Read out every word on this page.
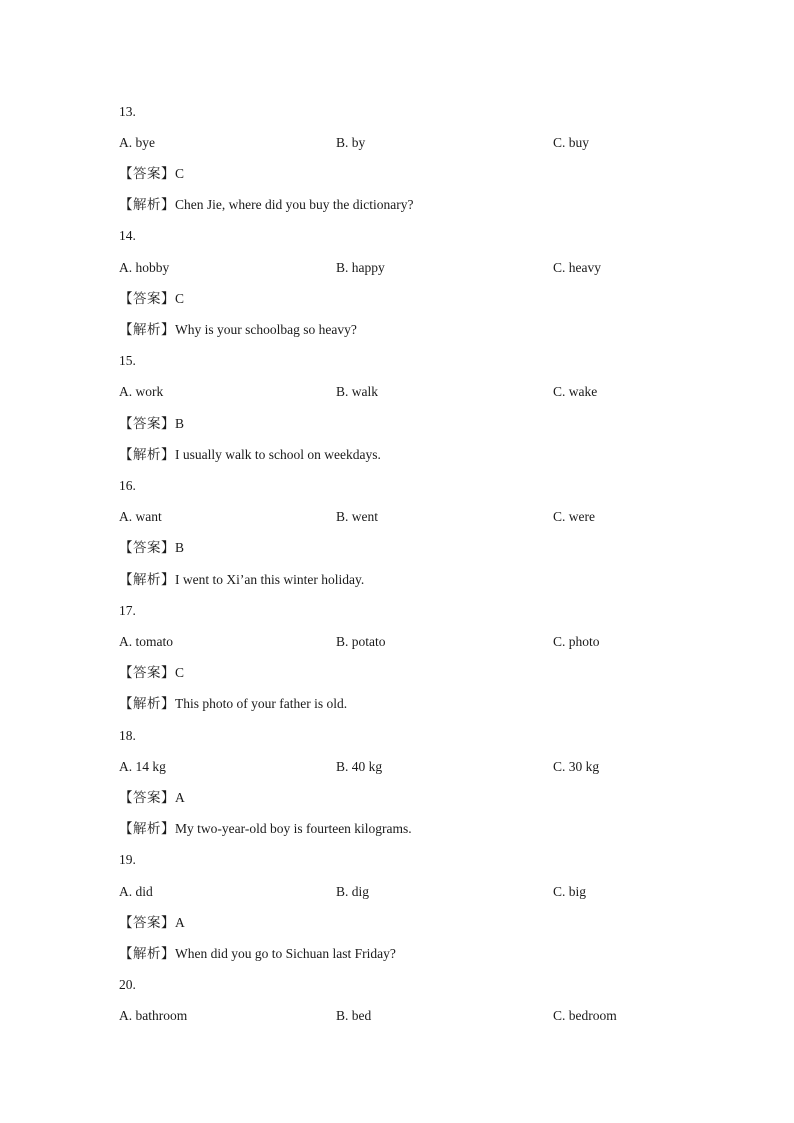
13.
A. bye	B. by	C. buy
【答案】C
【解析】Chen Jie, where did you buy the dictionary?
14.
A. hobby	B. happy	C. heavy
【答案】C
【解析】Why is your schoolbag so heavy?
15.
A. work	B. walk	C. wake
【答案】B
【解析】I usually walk to school on weekdays.
16.
A. want	B. went	C. were
【答案】B
【解析】I went to Xi’an this winter holiday.
17.
A. tomato	B. potato	C. photo
【答案】C
【解析】This photo of your father is old.
18.
A. 14 kg	B. 40 kg	C. 30 kg
【答案】A
【解析】My two-year-old boy is fourteen kilograms.
19.
A. did	B. dig	C. big
【答案】A
【解析】When did you go to Sichuan last Friday?
20.
A. bathroom	B. bed	C. bedroom
